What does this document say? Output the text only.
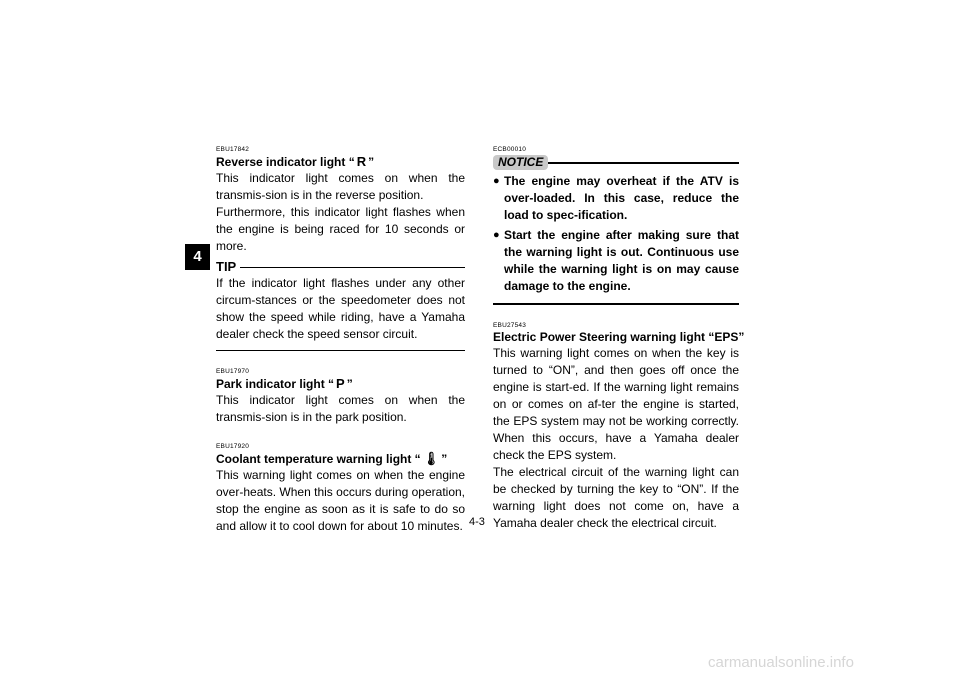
4
EBU17842
Reverse indicator light “ R ”

This indicator light comes on when the transmis-sion is in the reverse position.

Furthermore, this indicator light flashes when the engine is being raced for 10 seconds or more.

TIP

If the indicator light flashes under any other circum-stances or the speedometer does not show the speed while riding, have a Yamaha dealer check the speed sensor circuit.

EBU17970
Park indicator light “ P ”

This indicator light comes on when the transmis-sion is in the park position.

EBU17920
Coolant temperature warning light “ 🌡 ”

This warning light comes on when the engine over-heats. When this occurs during operation, stop the engine as soon as it is safe to do so and allow it to cool down for about 10 minutes.

ECB00010
NOTICE
● The engine may overheat if the ATV is over-loaded. In this case, reduce the load to spec-ification.
● Start the engine after making sure that the warning light is out. Continuous use while the warning light is on may cause damage to the engine.
EBU27543
Electric Power Steering warning light “EPS”

This warning light comes on when the key is turned to “ON”, and then goes off once the engine is start-ed. If the warning light remains on or comes on af-ter the engine is started, the EPS system may not be working correctly. When this occurs, have a Yamaha dealer check the EPS system.

The electrical circuit of the warning light can be checked by turning the key to “ON”. If the warning light does not come on, have a Yamaha dealer check the electrical circuit.

4-3
carmanualsonline.info
